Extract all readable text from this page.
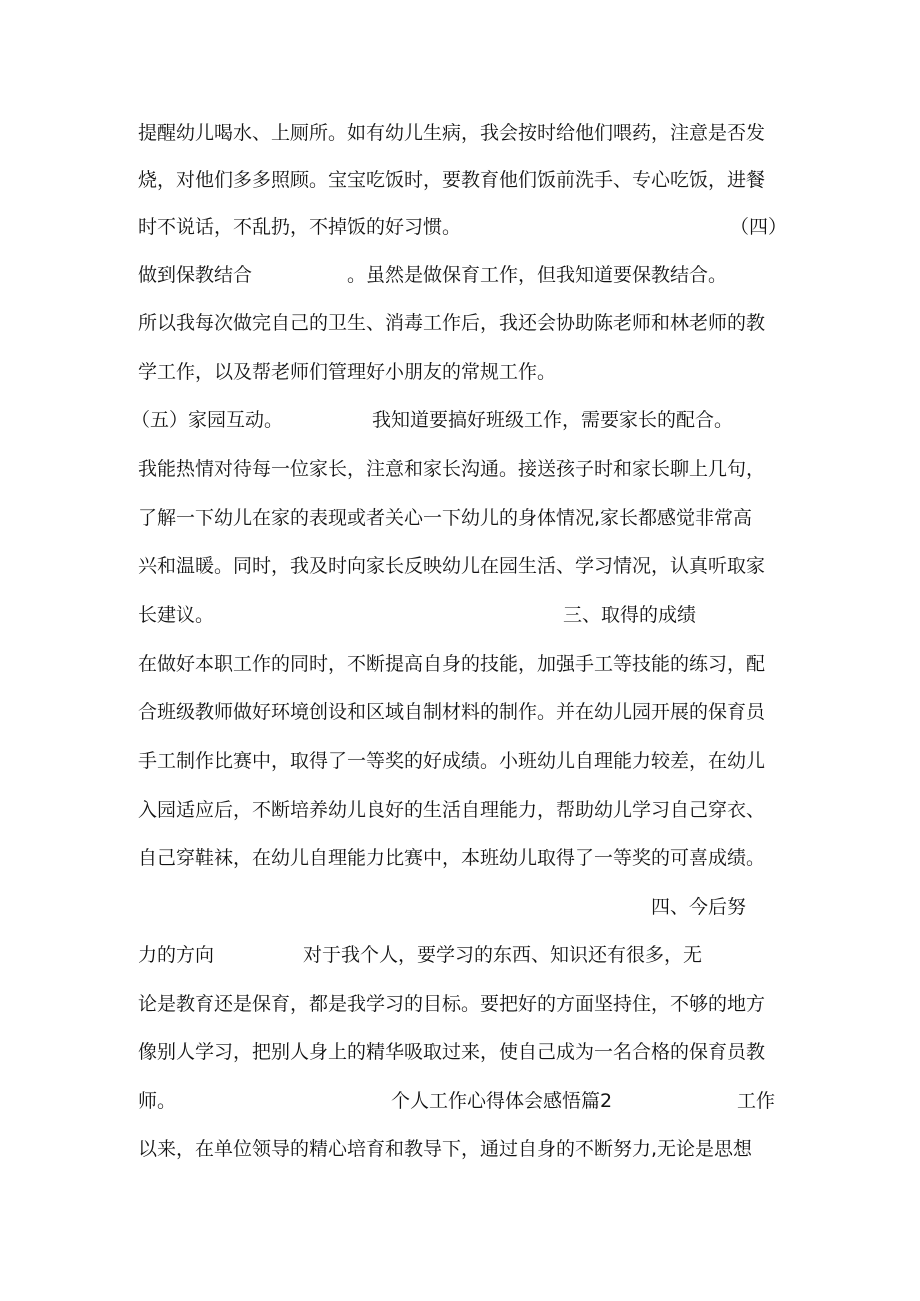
提醒幼儿喝水、上厕所。如有幼儿生病，我会按时给他们喂药，注意是否发

烧，对他们多多照顾。宝宝吃饭时，要教育他们饭前洗手、专心吃饭，进餐

时不说话，不乱扔，不掉饭的好习惯。

	（四）

做到保教结合

	。虽然是做保育工作，但我知道要保教结合。

所以我每次做完自己的卫生、消毒工作后，我还会协助陈老师和林老师的教

学工作，以及帮老师们管理好小朋友的常规工作。

（五）家园互动。

	我知道要搞好班级工作，需要家长的配合。

我能热情对待每一位家长，注意和家长沟通。接送孩子时和家长聊上几句，

了解一下幼儿在家的表现或者关心一下幼儿的身体情况,家长都感觉非常高

兴和温暖。同时，我及时向家长反映幼儿在园生活、学习情况，认真听取家

长建议。

	三、取得的成绩

在做好本职工作的同时，不断提高自身的技能，加强手工等技能的练习，配

合班级教师做好环境创设和区域自制材料的制作。并在幼儿园开展的保育员

手工制作比赛中，取得了一等奖的好成绩。小班幼儿自理能力较差，在幼儿

入园适应后，不断培养幼儿良好的生活自理能力，帮助幼儿学习自己穿衣、

自己穿鞋袜，在幼儿自理能力比赛中，本班幼儿取得了一等奖的可喜成绩。

四、今后努

力的方向

	对于我个人，要学习的东西、知识还有很多，无

论是教育还是保育，都是我学习的目标。要把好的方面坚持住，不够的地方

像别人学习，把别人身上的精华吸取过来，使自己成为一名合格的保育员教

师。

	个人工作心得体会感悟篇2

	工作

以来，在单位领导的精心培育和教导下，通过自身的不断努力,无论是思想
